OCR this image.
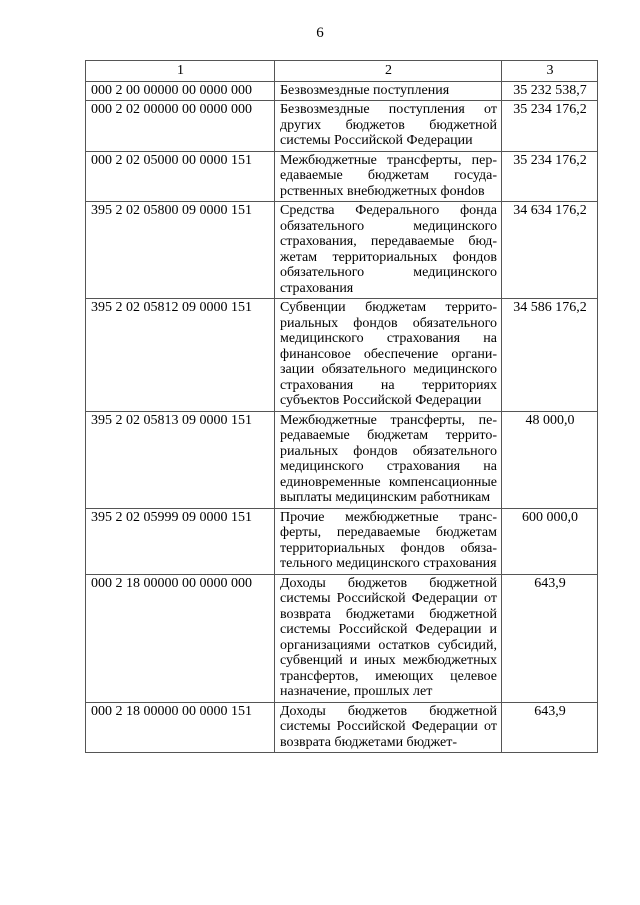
6
1	2	3
000 2 00 00000 00 0000 000	Безвозмездные поступления	35 232 538,7
000 2 02 00000 00 0000 000	Безвозмездные поступления от других бюджетов бюджетной системы Российской Федерации	35 234 176,2
000 2 02 05000 00 0000 151	Межбюджетные трансферты, передаваемые бюджетам государственных внебюджетных фонdов	35 234 176,2
395 2 02 05800 09 0000 151	Средства Федерального фонда обязательного медицинского страхования, передаваемые бюджетам территориальных фондов обязательного медицинского страхования	34 634 176,2
395 2 02 05812 09 0000 151	Субвенции бюджетам территориальных фондов обязательного медицинского страхования на финансовое обеспечение организации обязательного медицинского страхования на территориях субъектов Российской Федерации	34 586 176,2
395 2 02 05813 09 0000 151	Межбюджетные трансферты, передаваемые бюджетам территориальных фондов обязательного медицинского страхования на единовременные компенсационные выплаты медицинским работникам	48 000,0
395 2 02 05999 09 0000 151	Прочие межбюджетные трансферты, передаваемые бюджетам территориальных фондов обязательного медицинского страхования	600 000,0
000 2 18 00000 00 0000 000	Доходы бюджетов бюджетной системы Российской Федерации от возврата бюджетами бюджетной системы Российской Федерации и организациями остатков субсидий, субвенций и иных межбюджетных трансфертов, имеющих целевое назначение, прошлых лет	643,9
000 2 18 00000 00 0000 151	Доходы бюджетов бюджетной системы Российской Федерации от возврата бюджетами бюджет-	643,9
